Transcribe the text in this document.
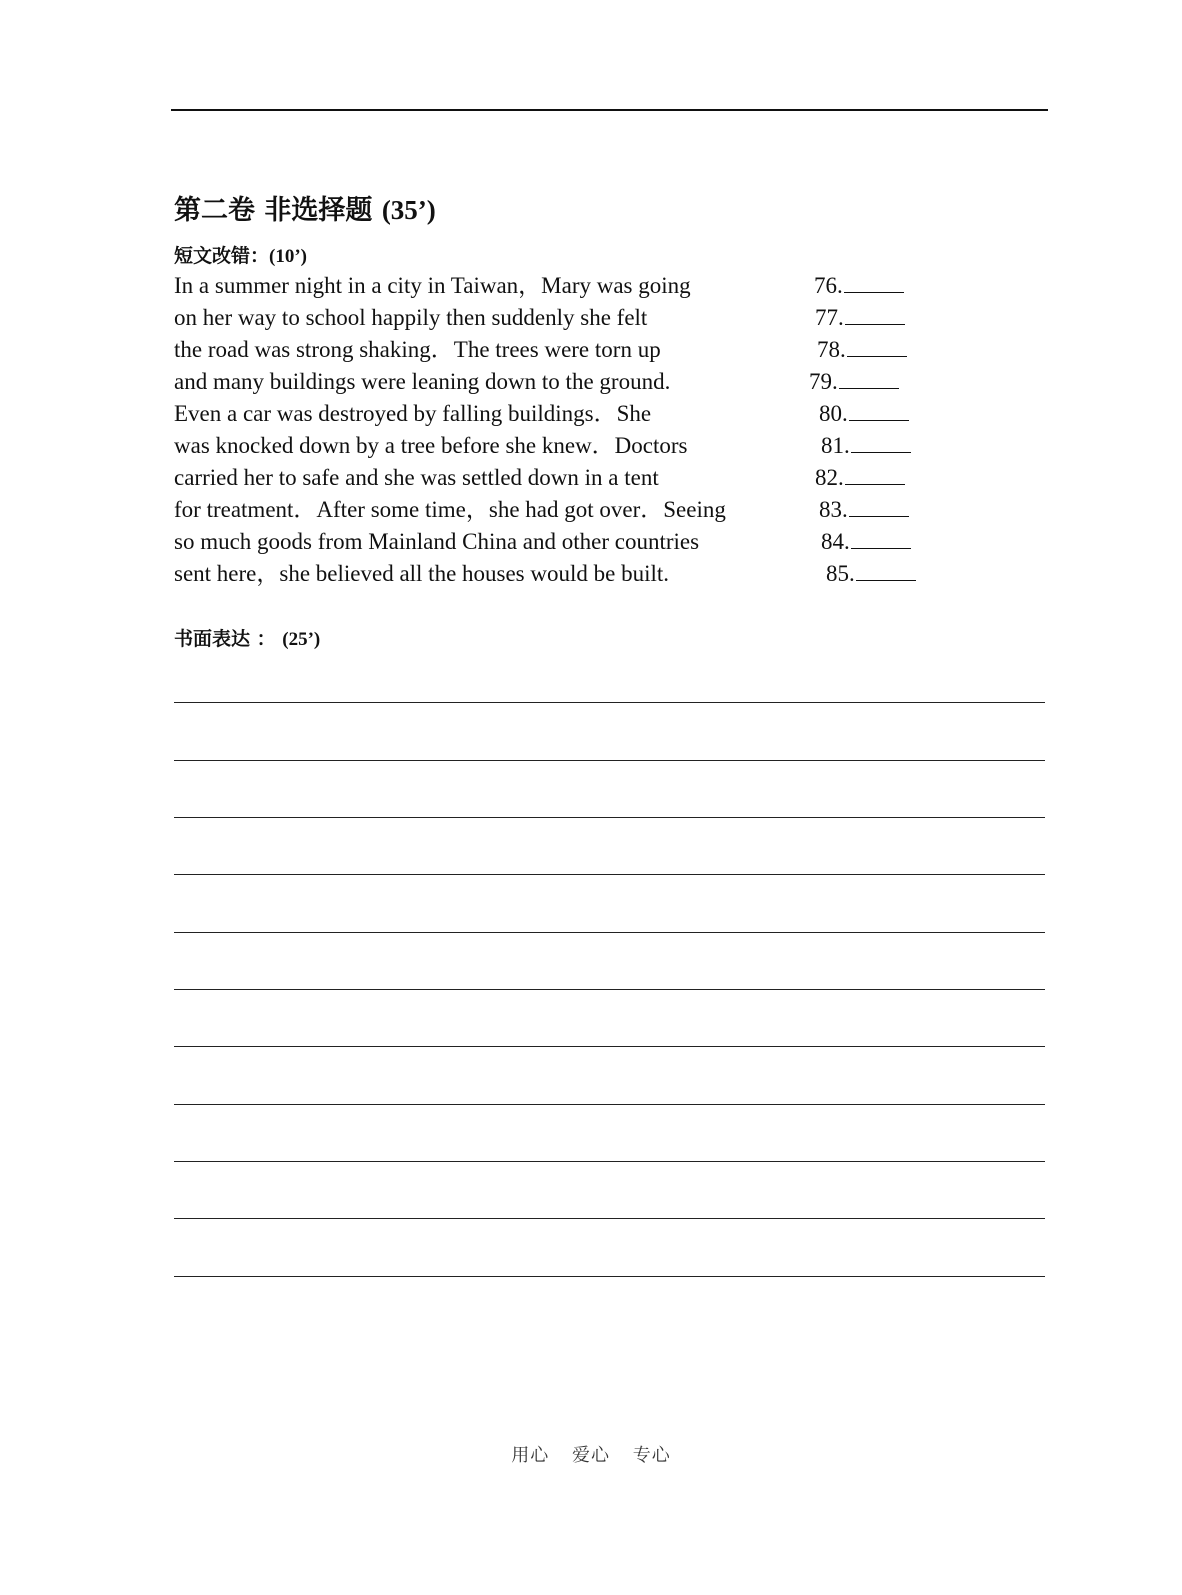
第二卷 非选择题 (35’)
短文改错：(10’)
In a summer night in a city in Taiwan，Mary was going	76.
on her way to school happily then suddenly she felt	77.
the road was strong shaking．The trees were torn up	78.
and many buildings were leaning down to the ground.	79.
Even a car was destroyed by falling buildings．She	80.
was knocked down by a tree before she knew．Doctors	81.
carried her to safe and she was settled down in a tent	82.
for treatment．After some time，she had got over．Seeing	83.
so much goods from Mainland China and other countries	84.
sent here，she believed all the houses would be built.	85.
书面表达 ： (25’)
用心 爱心 专心
